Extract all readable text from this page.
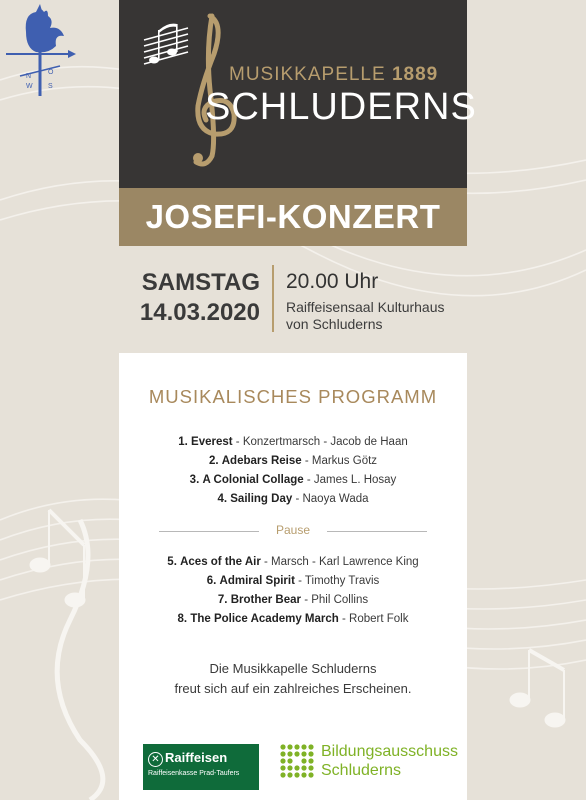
N
O
W S
MUSIKKAPELLE 1889
SCHLUDERNS
JOSEFI-KONZERT
SAMSTAG
14.03.2020
20.00 Uhr
Raiffeisensaal Kulturhaus
von Schluderns
MUSIKALISCHES PROGRAMM
1. Everest - Konzertmarsch - Jacob de Haan
2. Adebars Reise - Markus Götz
3. A Colonial Collage - James L. Hosay
4. Sailing Day - Naoya Wada
Pause
5. Aces of the Air - Marsch - Karl Lawrence King
6. Admiral Spirit - Timothy Travis
7. Brother Bear - Phil Collins
8. The Police Academy March - Robert Folk
Die Musikkapelle Schluderns
freut sich auf ein zahlreiches Erscheinen.
✕ Raiffeisen
Raiffeisenkasse Prad-Taufers
Bildungsausschuss
Schluderns
